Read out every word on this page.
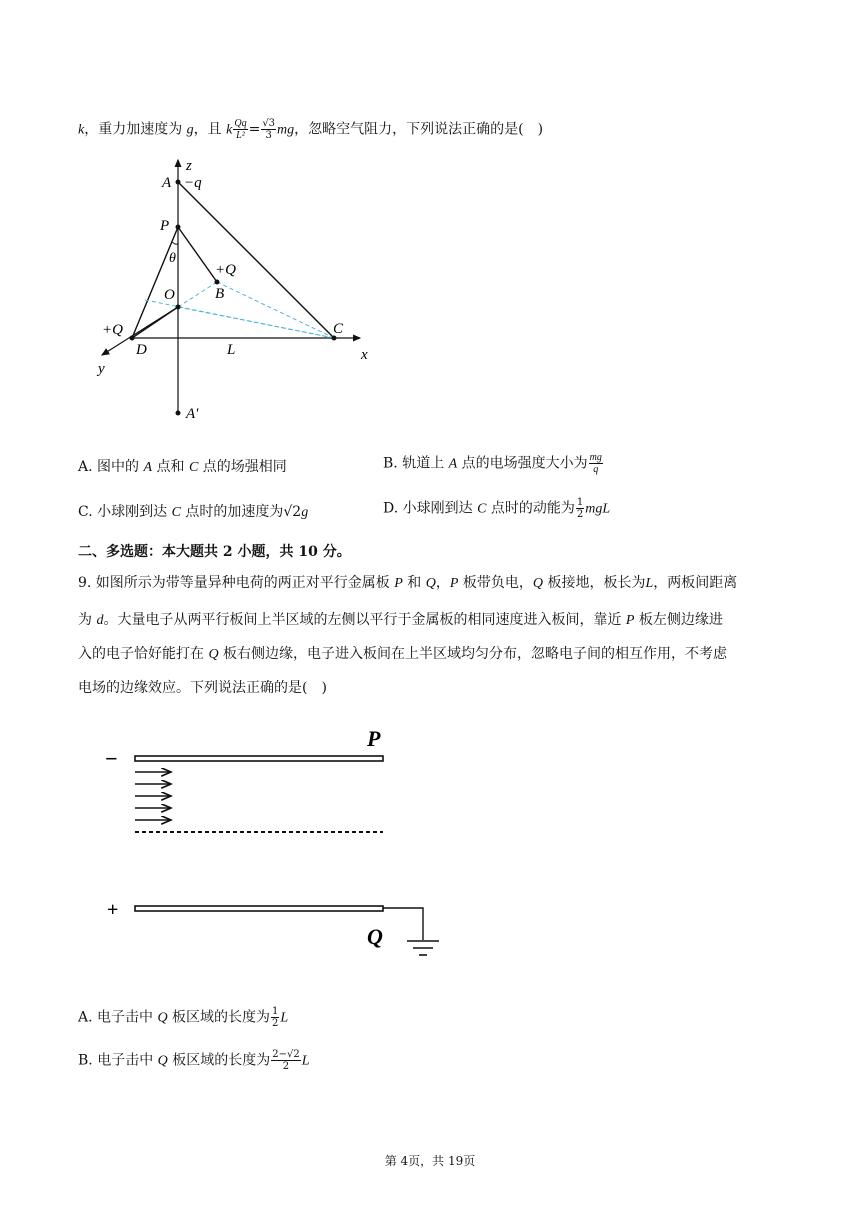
k，重力加速度为 g，且 k $\frac{Qq}{\text{L²}} = \frac{√3}{3}$ mg，忽略空气阻力，下列说法正确的是(　)
z
A −q
P
θ
+Q
B
O
+Q
D	L
C
x
y
A′
A. 图中的 A 点和 C 点的场强相同	B. 轨道上 A 点的电场强度大小为 $\frac{mg}{q}$
C. 小球刚到达 C 点时的加速度为√2g	D. 小球刚到达 C 点时的动能为 $\frac{1}{2}$ mgL
二、多选题：本大题共 2 小题，共 10 分。
9. 如图所示为带等量异种电荷的两正对平行金属板 P 和 Q，P 板带负电，Q 板接地，板长为L，两板间距离
为 d。大量电子从两平行板间上半区域的左侧以平行于金属板的相同速度进入板间，靠近 P 板左侧边缘进
入的电子恰好能打在 Q 板右侧边缘，电子进入板间在上半区域均匀分布，忽略电子间的相互作用，不考虑
电场的边缘效应。下列说法正确的是(　)
−
P
+
Q
A. 电子击中 Q 板区域的长度为 $\frac{1}{2}$ L
B. 电子击中 Q 板区域的长度为 $\frac{2-√2}{2}$ L
第 4页，共 19页
